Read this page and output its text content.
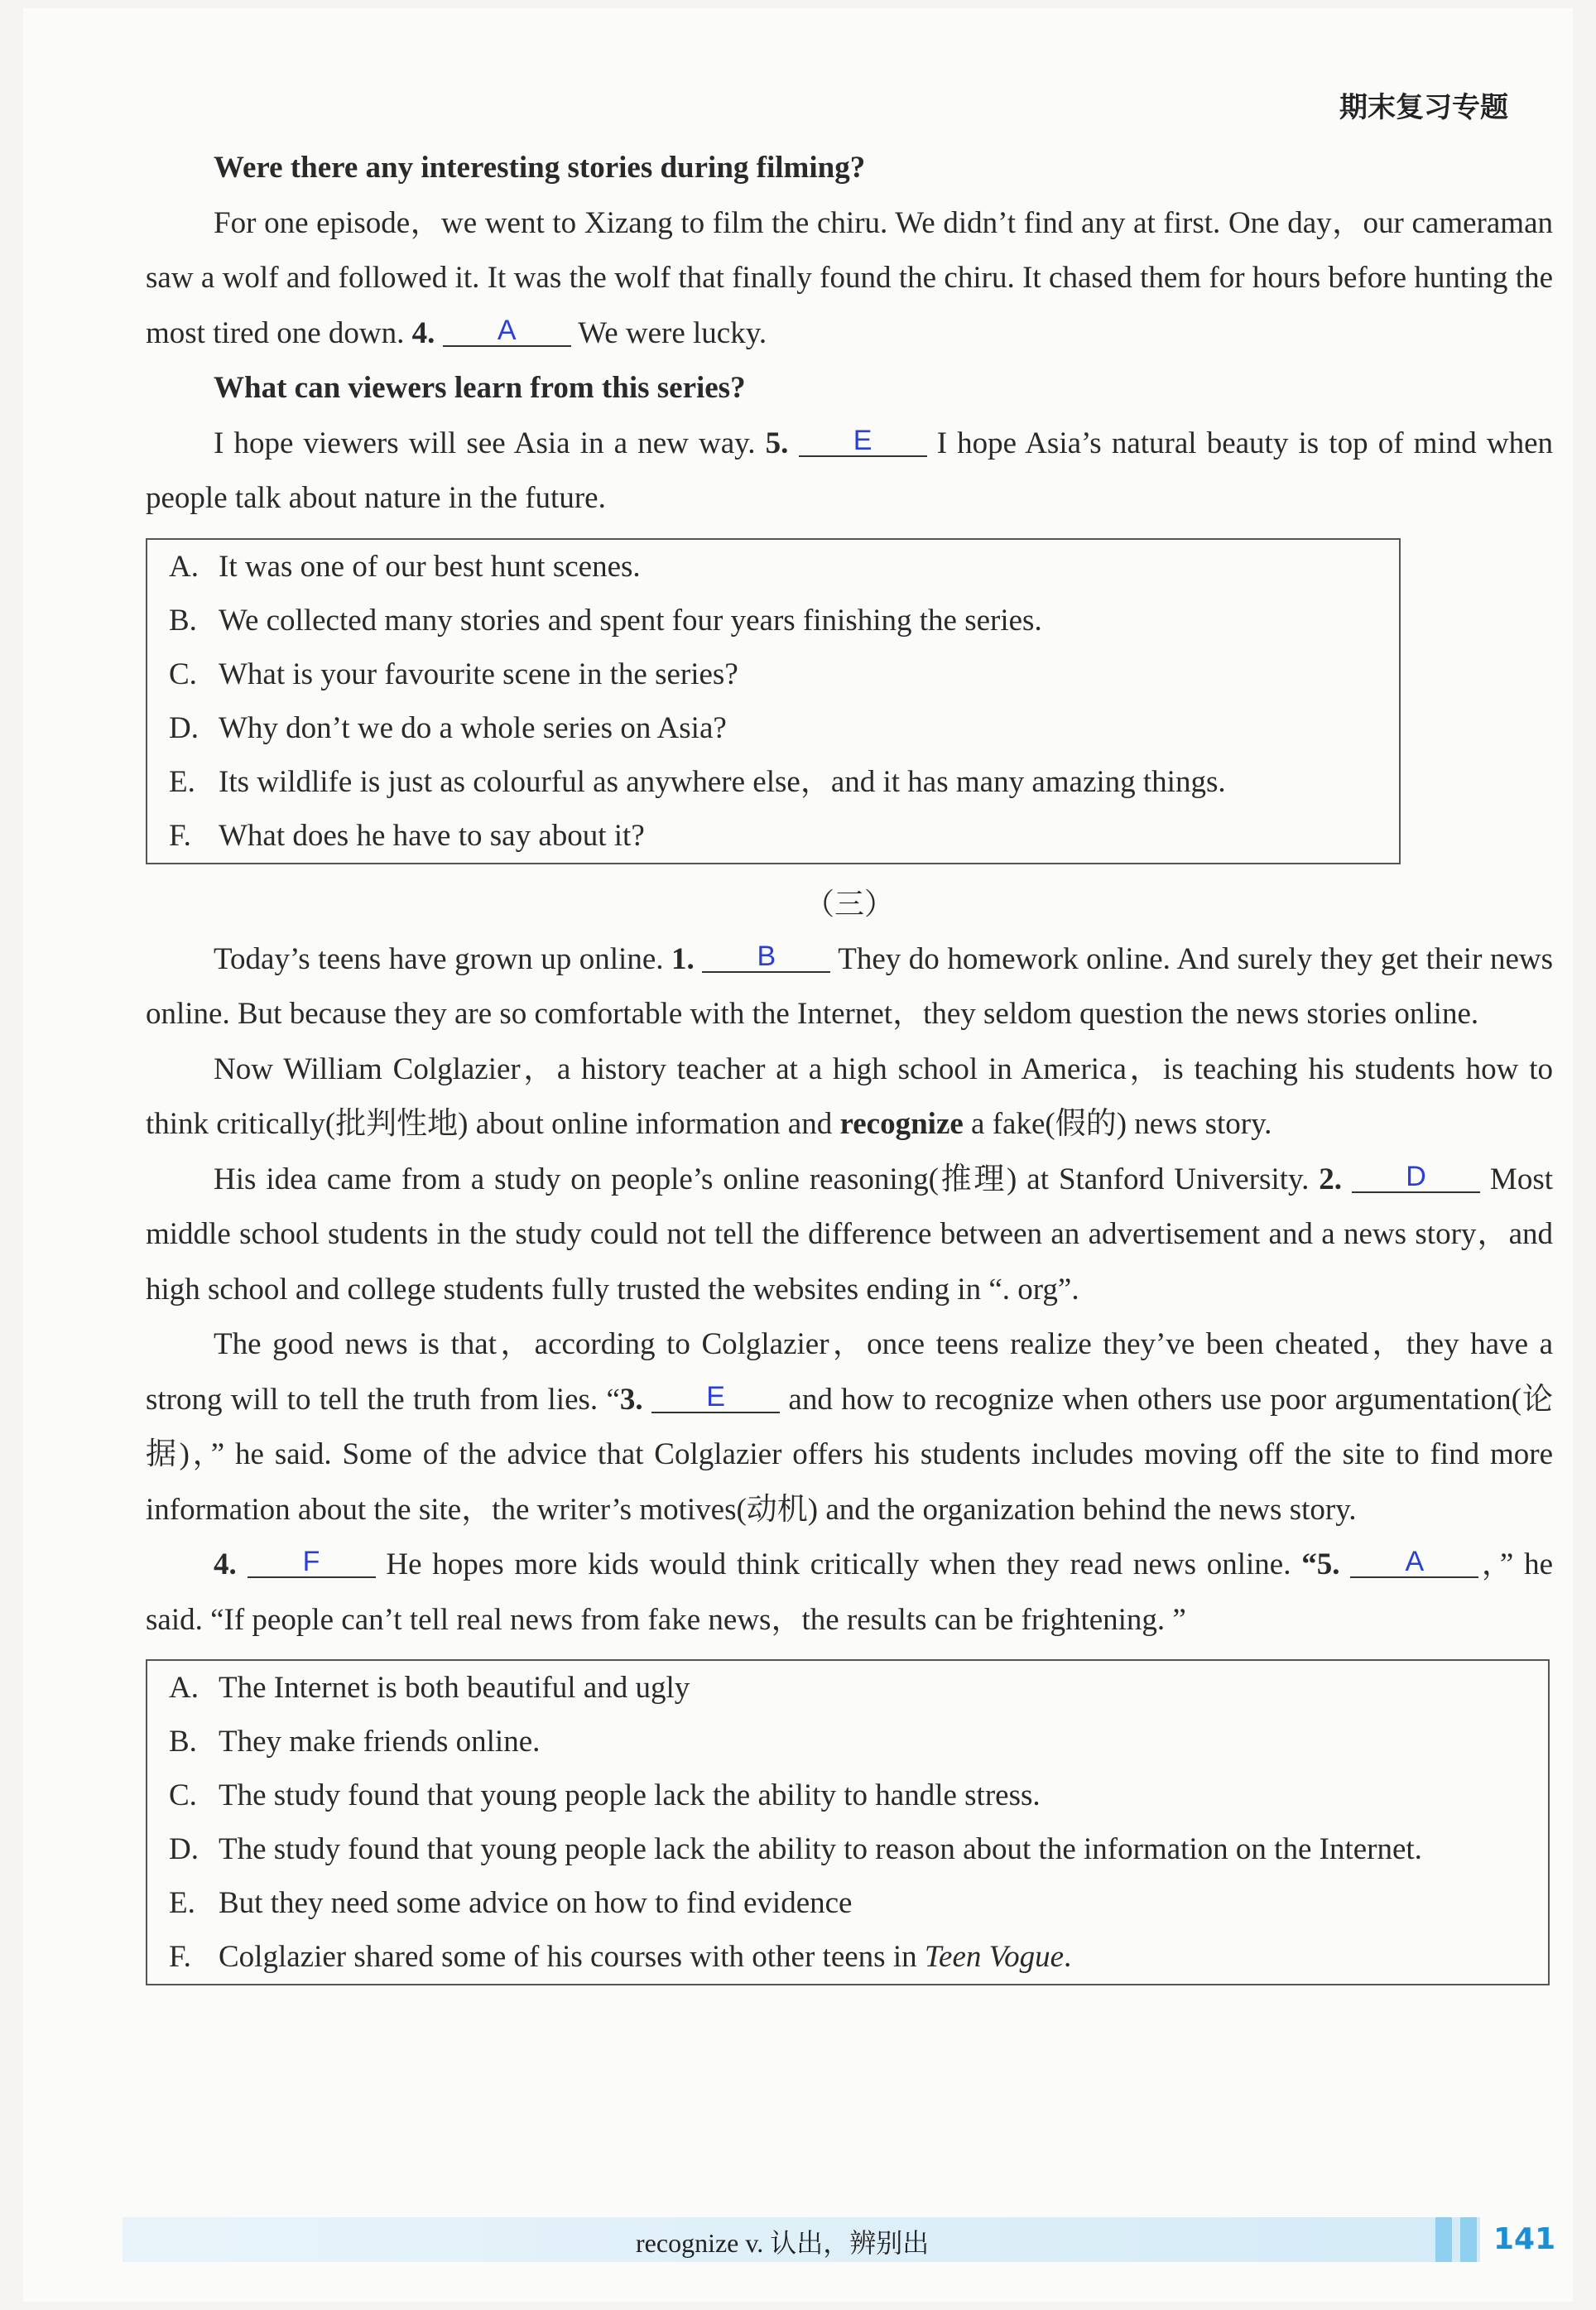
期末复习专题
Were there any interesting stories during filming?
For one episode，we went to Xizang to film the chiru. We didn’t find any at first. One day，our cameraman saw a wolf and followed it. It was the wolf that finally found the chiru. It chased them for hours before hunting the most tired one down. 4. A We were lucky.
What can viewers learn from this series?
I hope viewers will see Asia in a new way. 5. E I hope Asia’s natural beauty is top of mind when people talk about nature in the future.
A. It was one of our best hunt scenes.
B. We collected many stories and spent four years finishing the series.
C. What is your favourite scene in the series?
D. Why don’t we do a whole series on Asia?
E. Its wildlife is just as colourful as anywhere else，and it has many amazing things.
F. What does he have to say about it?
（三）
Today’s teens have grown up online. 1. B They do homework online. And surely they get their news online. But because they are so comfortable with the Internet，they seldom question the news stories online.
Now William Colglazier，a history teacher at a high school in America，is teaching his students how to think critically(批判性地) about online information and recognize a fake(假的) news story.
His idea came from a study on people’s online reasoning(推理) at Stanford University. 2. D Most middle school students in the study could not tell the difference between an advertisement and a news story，and high school and college students fully trusted the websites ending in “. org”.
The good news is that，according to Colglazier，once teens realize they’ve been cheated，they have a strong will to tell the truth from lies. “3. E and how to recognize when others use poor argumentation(论据)，” he said. Some of the advice that Colglazier offers his students includes moving off the site to find more information about the site，the writer’s motives(动机) and the organization behind the news story.
4. F He hopes more kids would think critically when they read news online. “5. A ，” he said. “If people can’t tell real news from fake news，the results can be frightening. ”
A. The Internet is both beautiful and ugly
B. They make friends online.
C. The study found that young people lack the ability to handle stress.
D. The study found that young people lack the ability to reason about the information on the Internet.
E. But they need some advice on how to find evidence
F. Colglazier shared some of his courses with other teens in Teen Vogue.
recognize v. 认出，辨别出	141
